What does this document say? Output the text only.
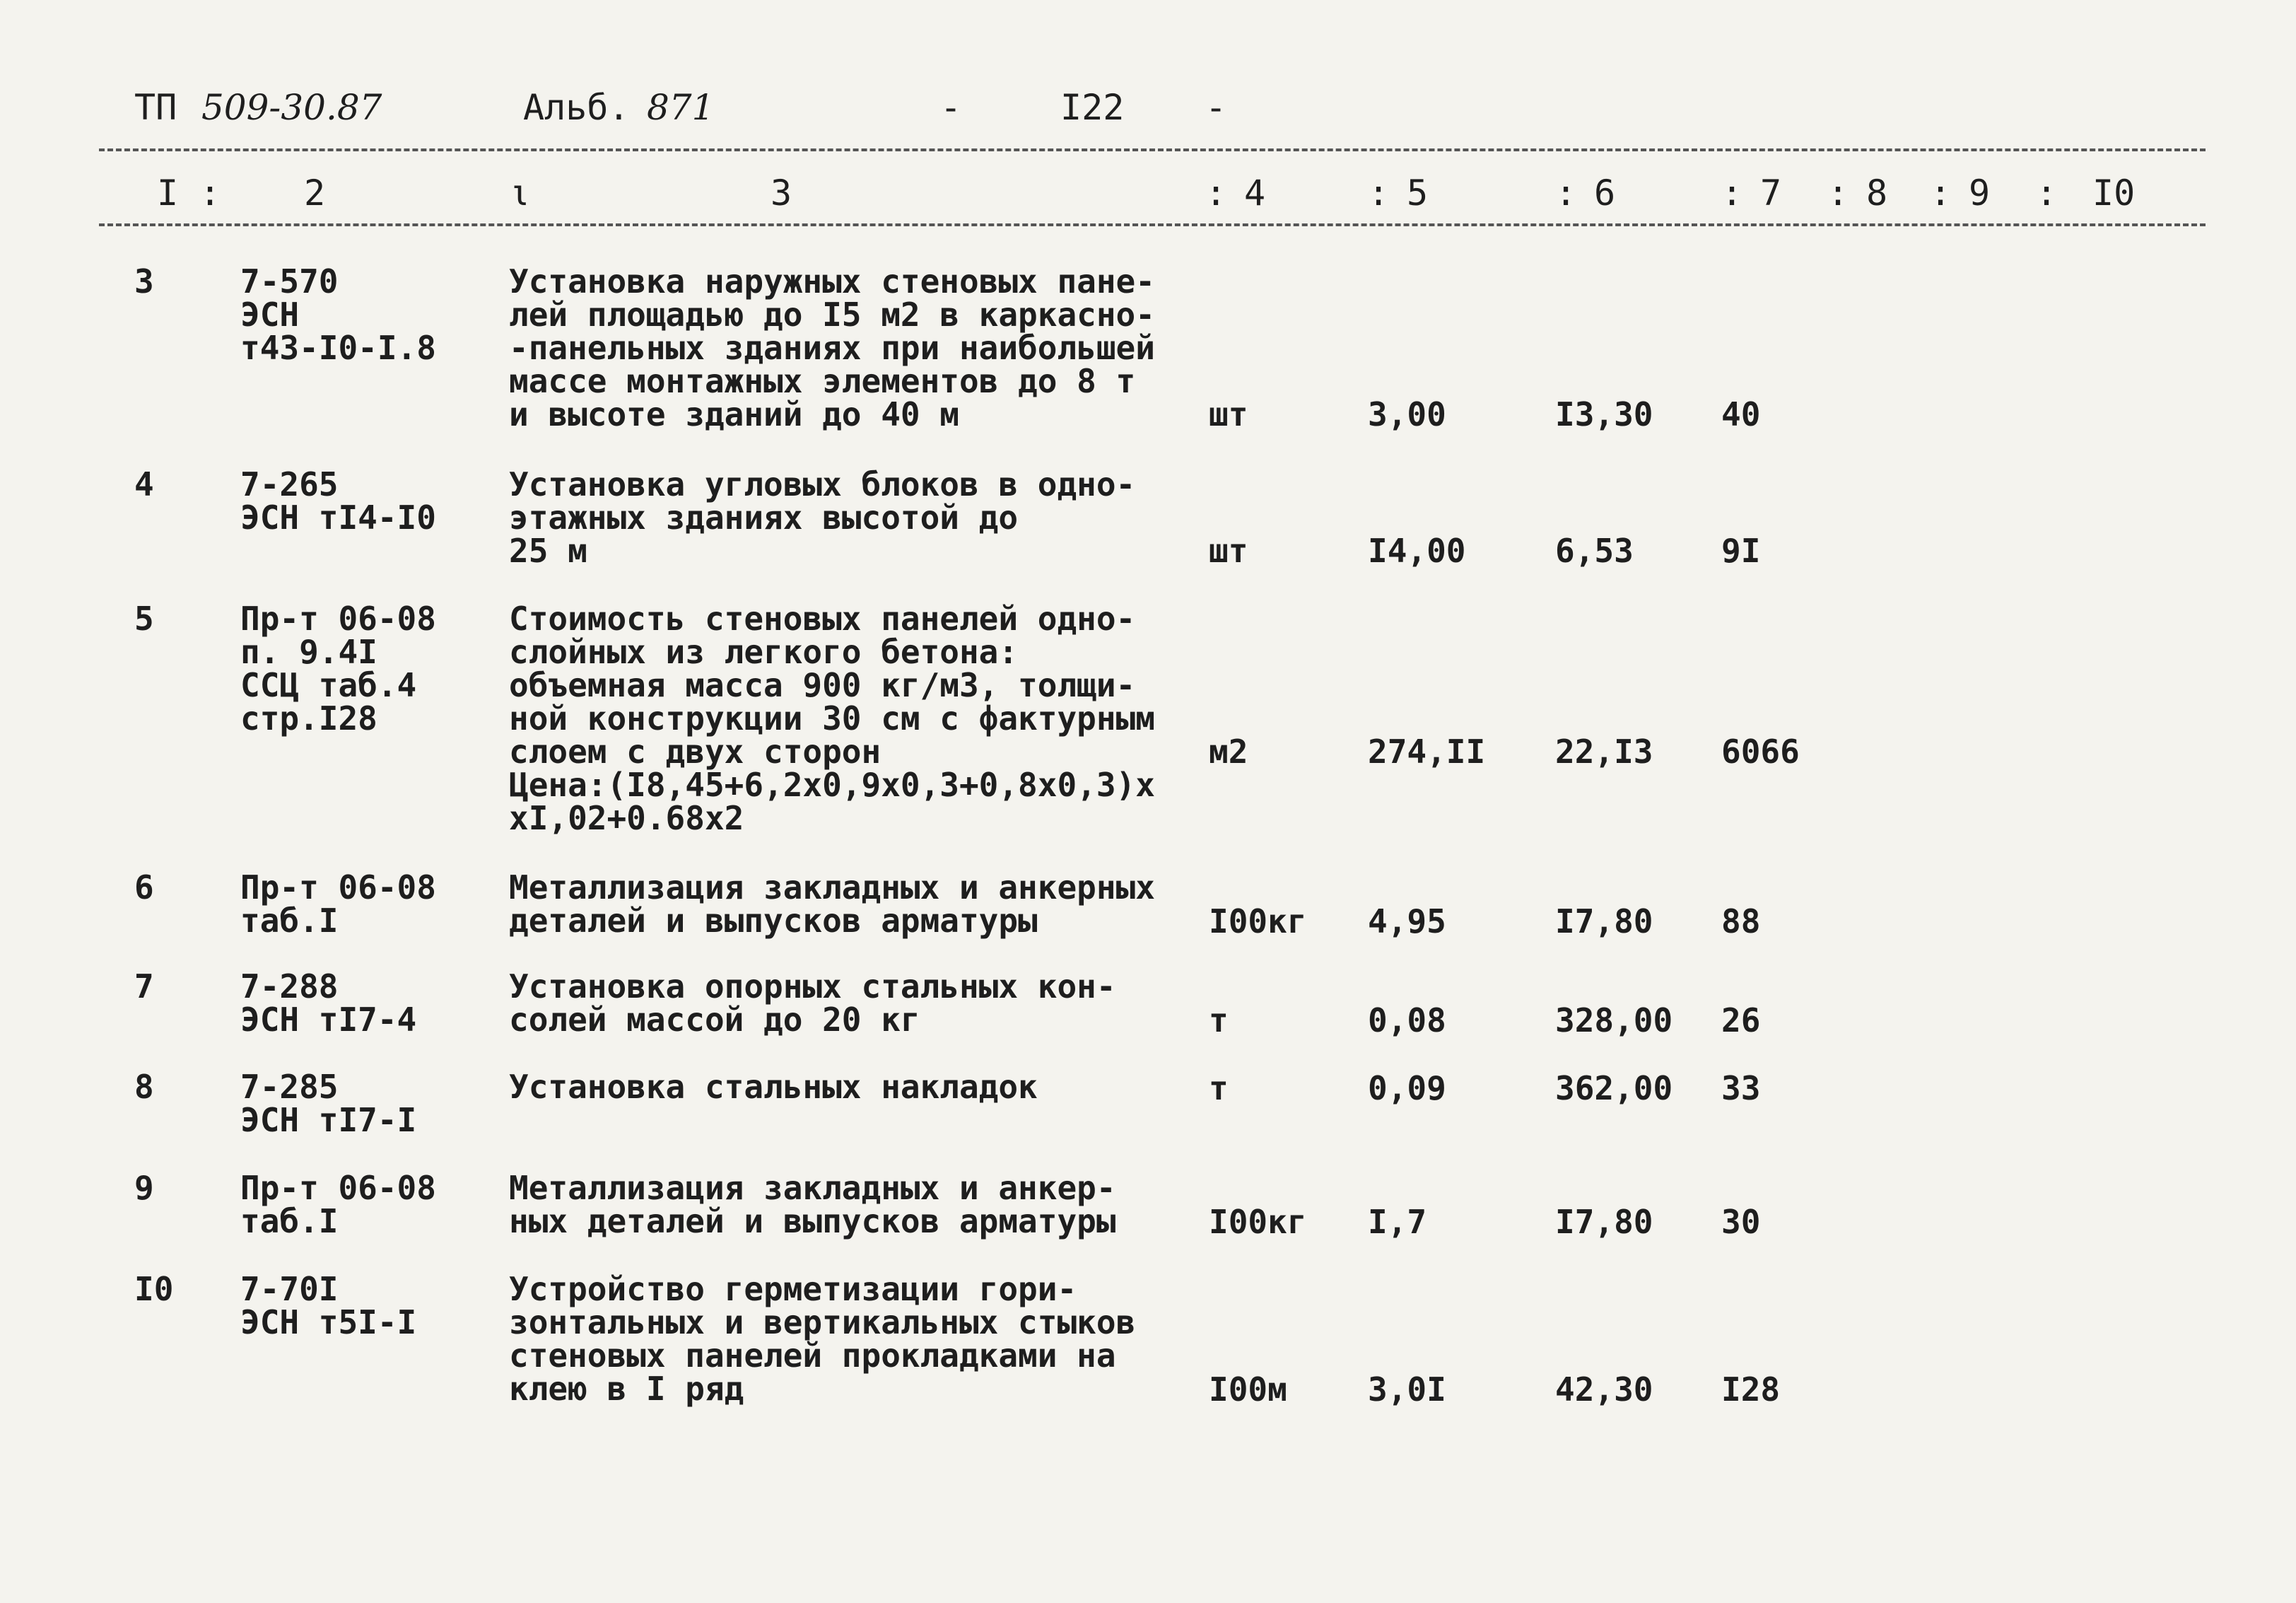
ТП 509-30.87	Альб. 871	-	I22 -
I : 2	ι	3	: 4	: 5	: 6	: 7 : 8 : 9 : I0
3	7-570
ЭСН
т43-I0-I.8
Установка наружных стеновых пане-
лей площадью до I5 м2 в каркасно-
-панельных зданиях при наибольшей
массе монтажных элементов до 8 т
и высоте зданий до 40 м	шт	3,00	I3,30	40
4	7-265
ЭСН тI4-I0
Установка угловых блоков в одно-
этажных зданиях высотой до
25 м	шт	I4,00	6,53	9I
5	Пр-т 06-08
п. 9.4I
ССЦ таб.4
стр.I28
Стоимость стеновых панелей одно-
слойных из легкого бетона:
объемная масса 900 кг/м3, толщи-
ной конструкции 30 см с фактурным
слоем с двух сторон
Цена:(I8,45+6,2х0,9х0,3+0,8х0,3)х
хI,02+0.68х2
м2	274,II	22,I3	6066
6	Пр-т 06-08
таб.I
Металлизация закладных и анкерных
деталей и выпусков арматуры	I00кг	4,95	I7,80	88
7	7-288
ЭСН тI7-4
Установка опорных стальных кон-
солей массой до 20 кг	т	0,08	328,00	26
8	7-285
ЭСН тI7-I
Установка стальных накладок	т	0,09	362,00	33
9	Пр-т 06-08
таб.I
Металлизация закладных и анкер-
ных деталей и выпусков арматуры	I00кг	I,7	I7,80	30
I0	7-70I
ЭСН т5I-I
Устройство герметизации гори-
зонтальных и вертикальных стыков
стеновых панелей прокладками на
клею в I ряд	I00м	3,0I	42,30	I28
